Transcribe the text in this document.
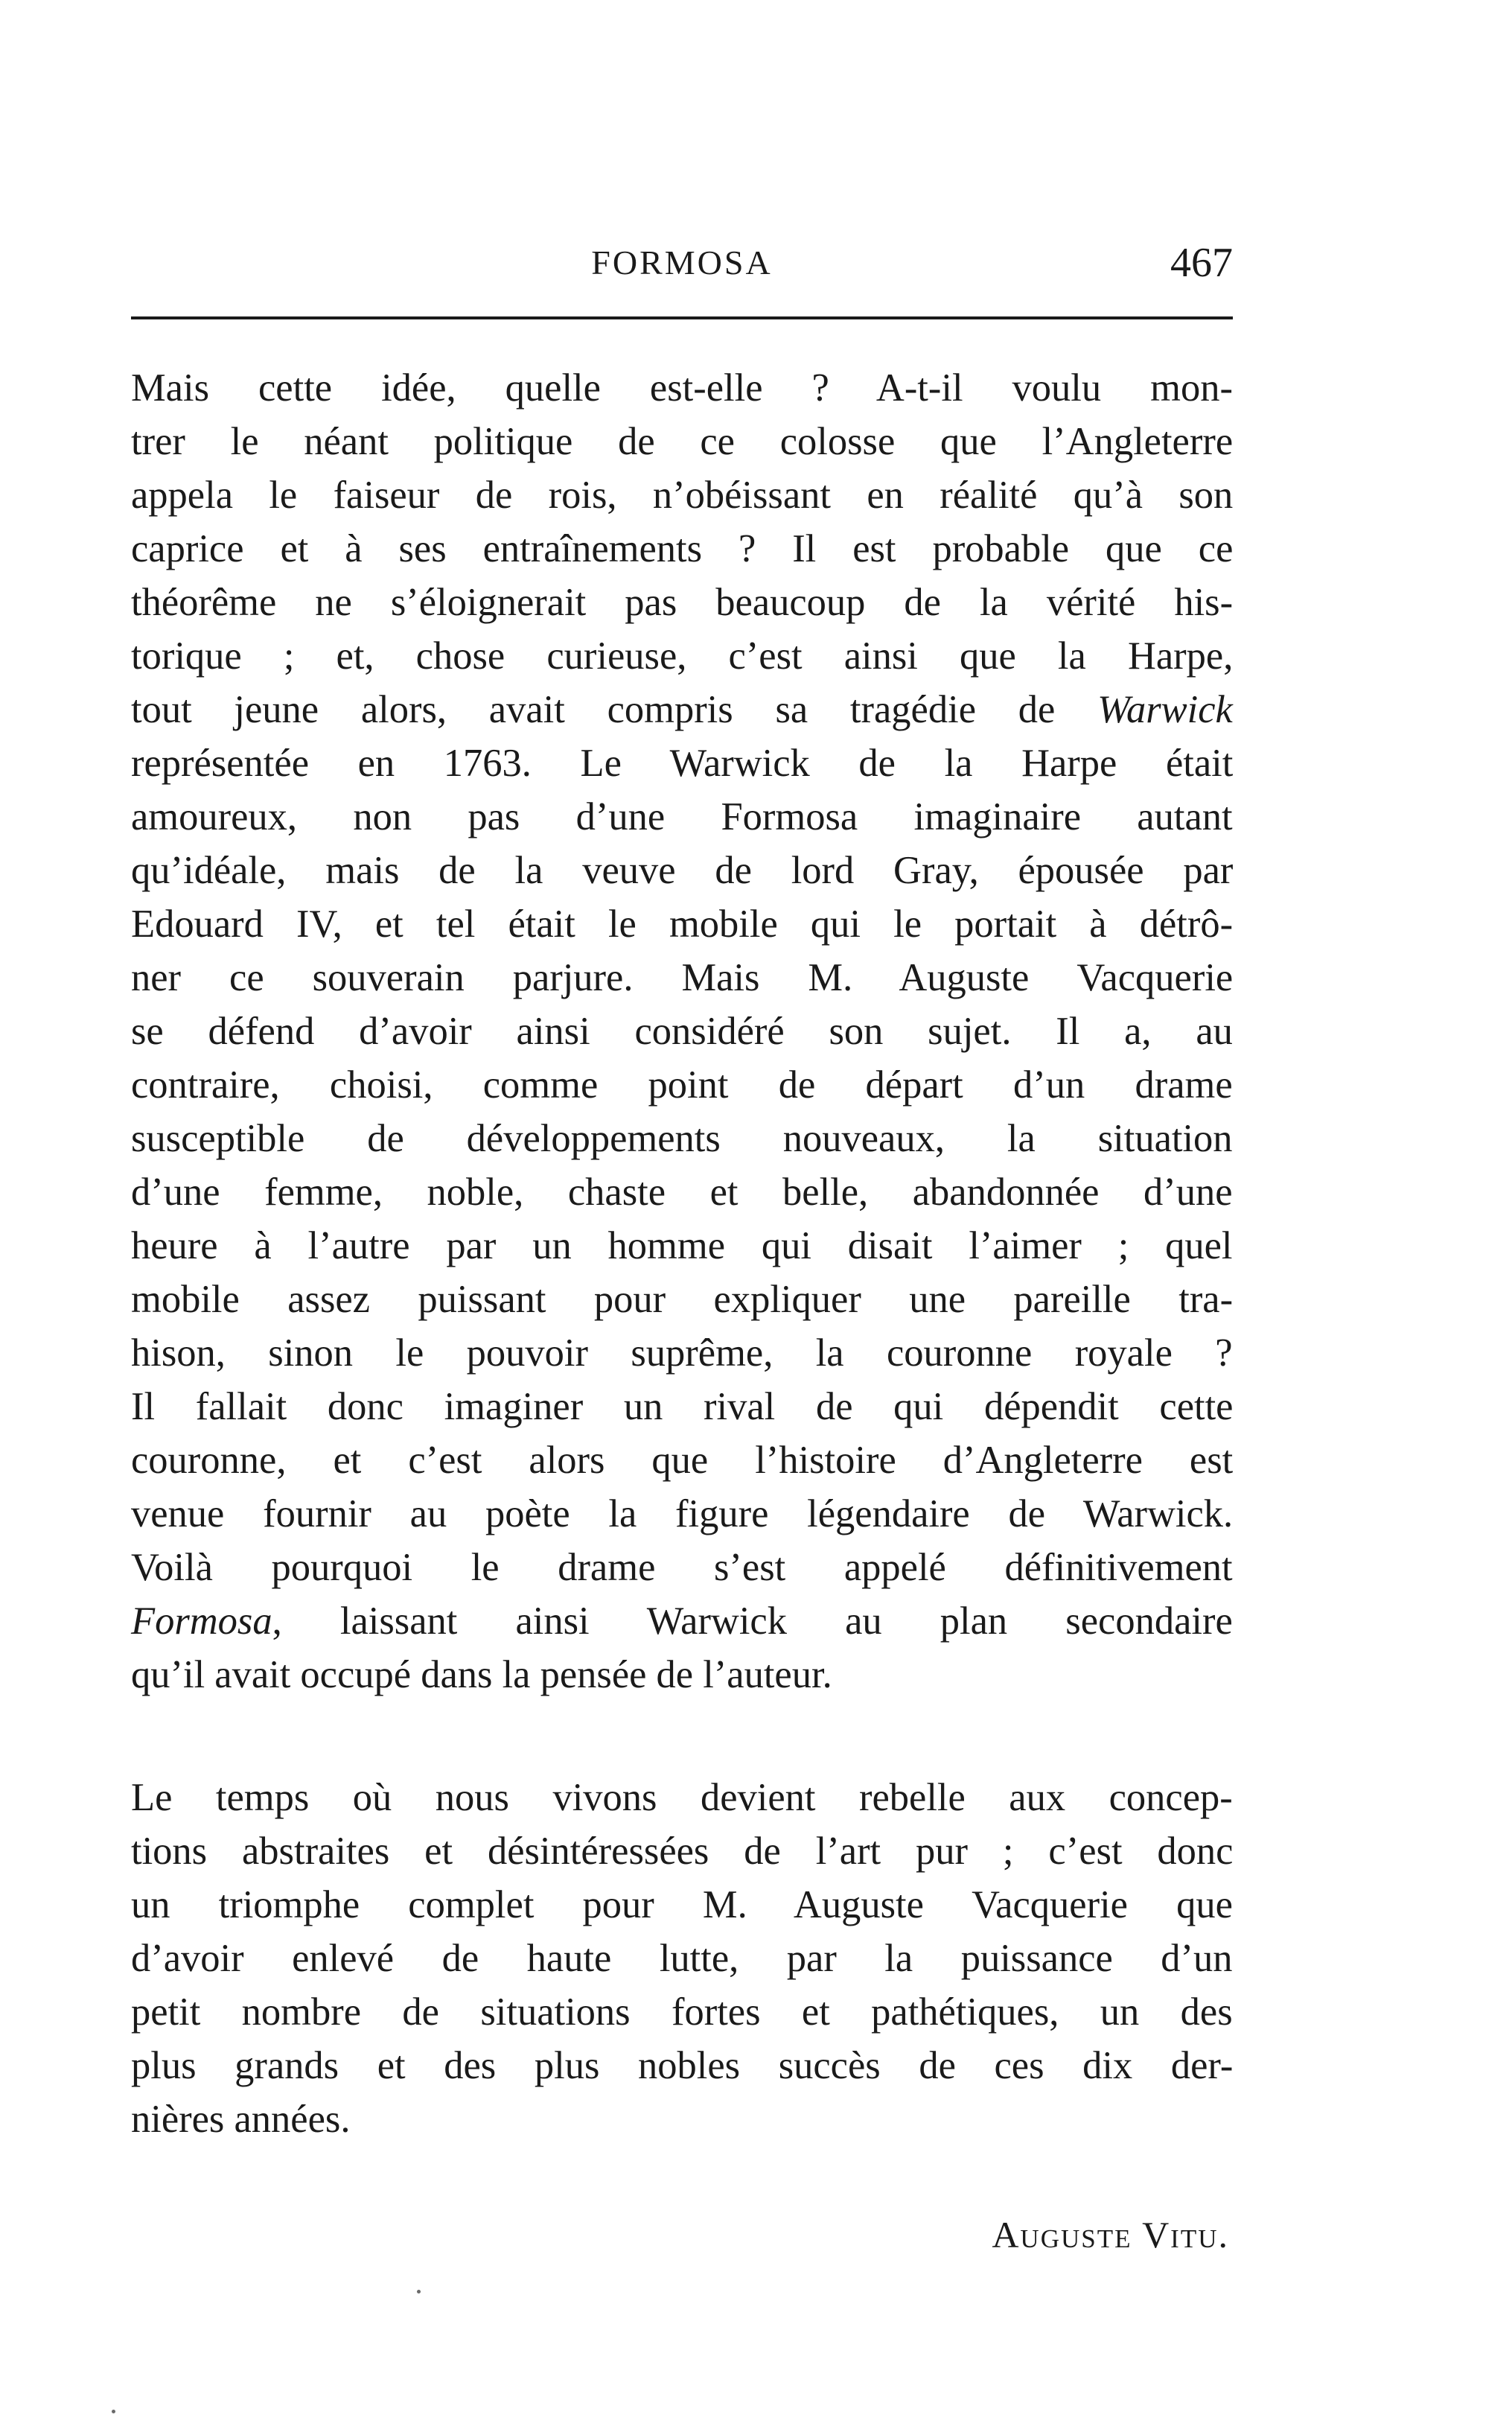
FORMOSA	467
Mais cette idée, quelle est-elle ? A-t-il voulu mon-
trer le néant politique de ce colosse que l’Angleterre
appela le faiseur de rois, n’obéissant en réalité qu’à son
caprice et à ses entraînements ? Il est probable que ce
théorême ne s’éloignerait pas beaucoup de la vérité his-
torique ; et, chose curieuse, c’est ainsi que la Harpe,
tout jeune alors, avait compris sa tragédie de Warwick
représentée en 1763. Le Warwick de la Harpe était
amoureux, non pas d’une Formosa imaginaire autant
qu’idéale, mais de la veuve de lord Gray, épousée par
Edouard IV, et tel était le mobile qui le portait à détrô-
ner ce souverain parjure. Mais M. Auguste Vacquerie
se défend d’avoir ainsi considéré son sujet. Il a, au
contraire, choisi, comme point de départ d’un drame
susceptible de développements nouveaux, la situation
d’une femme, noble, chaste et belle, abandonnée d’une
heure à l’autre par un homme qui disait l’aimer ; quel
mobile assez puissant pour expliquer une pareille tra-
hison, sinon le pouvoir suprême, la couronne royale ?
Il fallait donc imaginer un rival de qui dépendit cette
couronne, et c’est alors que l’histoire d’Angleterre est
venue fournir au poète la figure légendaire de Warwick.
Voilà pourquoi le drame s’est appelé définitivement
Formosa, laissant ainsi Warwick au plan secondaire
qu’il avait occupé dans la pensée de l’auteur.
Le temps où nous vivons devient rebelle aux concep-
tions abstraites et désintéressées de l’art pur ; c’est donc
un triomphe complet pour M. Auguste Vacquerie que
d’avoir enlevé de haute lutte, par la puissance d’un
petit nombre de situations fortes et pathétiques, un des
plus grands et des plus nobles succès de ces dix der-
nières années.
Auguste Vitu.
